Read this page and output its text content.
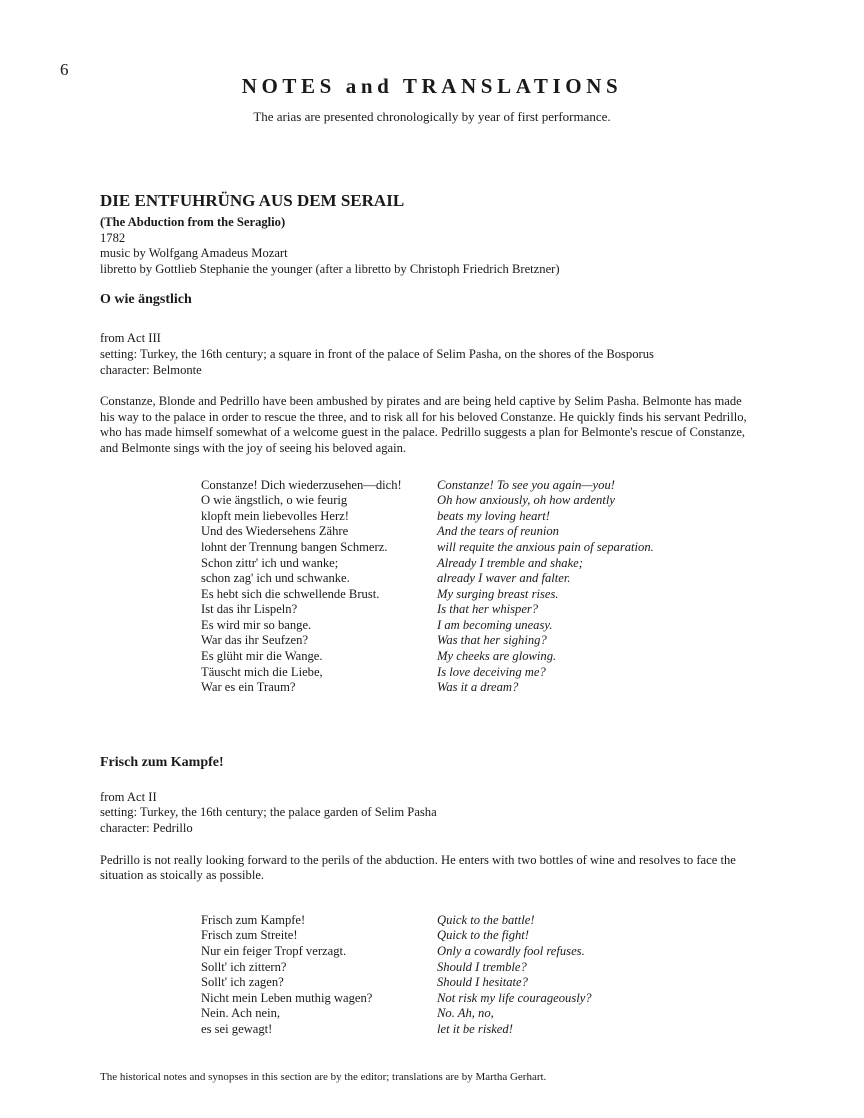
6
NOTES and TRANSLATIONS
The arias are presented chronologically by year of first performance.
DIE ENTFUHRÜNG AUS DEM SERAIL
(The Abduction from the Seraglio)
1782
music by Wolfgang Amadeus Mozart
libretto by Gottlieb Stephanie the younger (after a libretto by Christoph Friedrich Bretzner)
O wie ängstlich
from Act III
setting: Turkey, the 16th century; a square in front of the palace of Selim Pasha, on the shores of the Bosporus
character: Belmonte
Constanze, Blonde and Pedrillo have been ambushed by pirates and are being held captive by Selim Pasha. Belmonte has made
his way to the palace in order to rescue the three, and to risk all for his beloved Constanze. He quickly finds his servant Pedrillo,
who has made himself somewhat of a welcome guest in the palace. Pedrillo suggests a plan for Belmonte's rescue of Constanze,
and Belmonte sings with the joy of seeing his beloved again.
Constanze! Dich wiederzusehen—dich!
O wie ängstlich, o wie feurig
klopft mein liebevolles Herz!
Und des Wiedersehens Zähre
lohnt der Trennung bangen Schmerz.
Schon zittr' ich und wanke;
schon zag' ich und schwanke.
Es hebt sich die schwellende Brust.
Ist das ihr Lispeln?
Es wird mir so bange.
War das ihr Seufzen?
Es glüht mir die Wange.
Täuscht mich die Liebe,
War es ein Traum?
Constanze! To see you again—you!
Oh how anxiously, oh how ardently
beats my loving heart!
And the tears of reunion
will requite the anxious pain of separation.
Already I tremble and shake;
already I waver and falter.
My surging breast rises.
Is that her whisper?
I am becoming uneasy.
Was that her sighing?
My cheeks are glowing.
Is love deceiving me?
Was it a dream?
Frisch zum Kampfe!
from Act II
setting: Turkey, the 16th century; the palace garden of Selim Pasha
character: Pedrillo
Pedrillo is not really looking forward to the perils of the abduction. He enters with two bottles of wine and resolves to face the
situation as stoically as possible.
Frisch zum Kampfe!
Frisch zum Streite!
Nur ein feiger Tropf verzagt.
Sollt' ich zittern?
Sollt' ich zagen?
Nicht mein Leben muthig wagen?
Nein. Ach nein,
es sei gewagt!
Quick to the battle!
Quick to the fight!
Only a cowardly fool refuses.
Should I tremble?
Should I hesitate?
Not risk my life courageously?
No. Ah, no,
let it be risked!
The historical notes and synopses in this section are by the editor; translations are by Martha Gerhart.
